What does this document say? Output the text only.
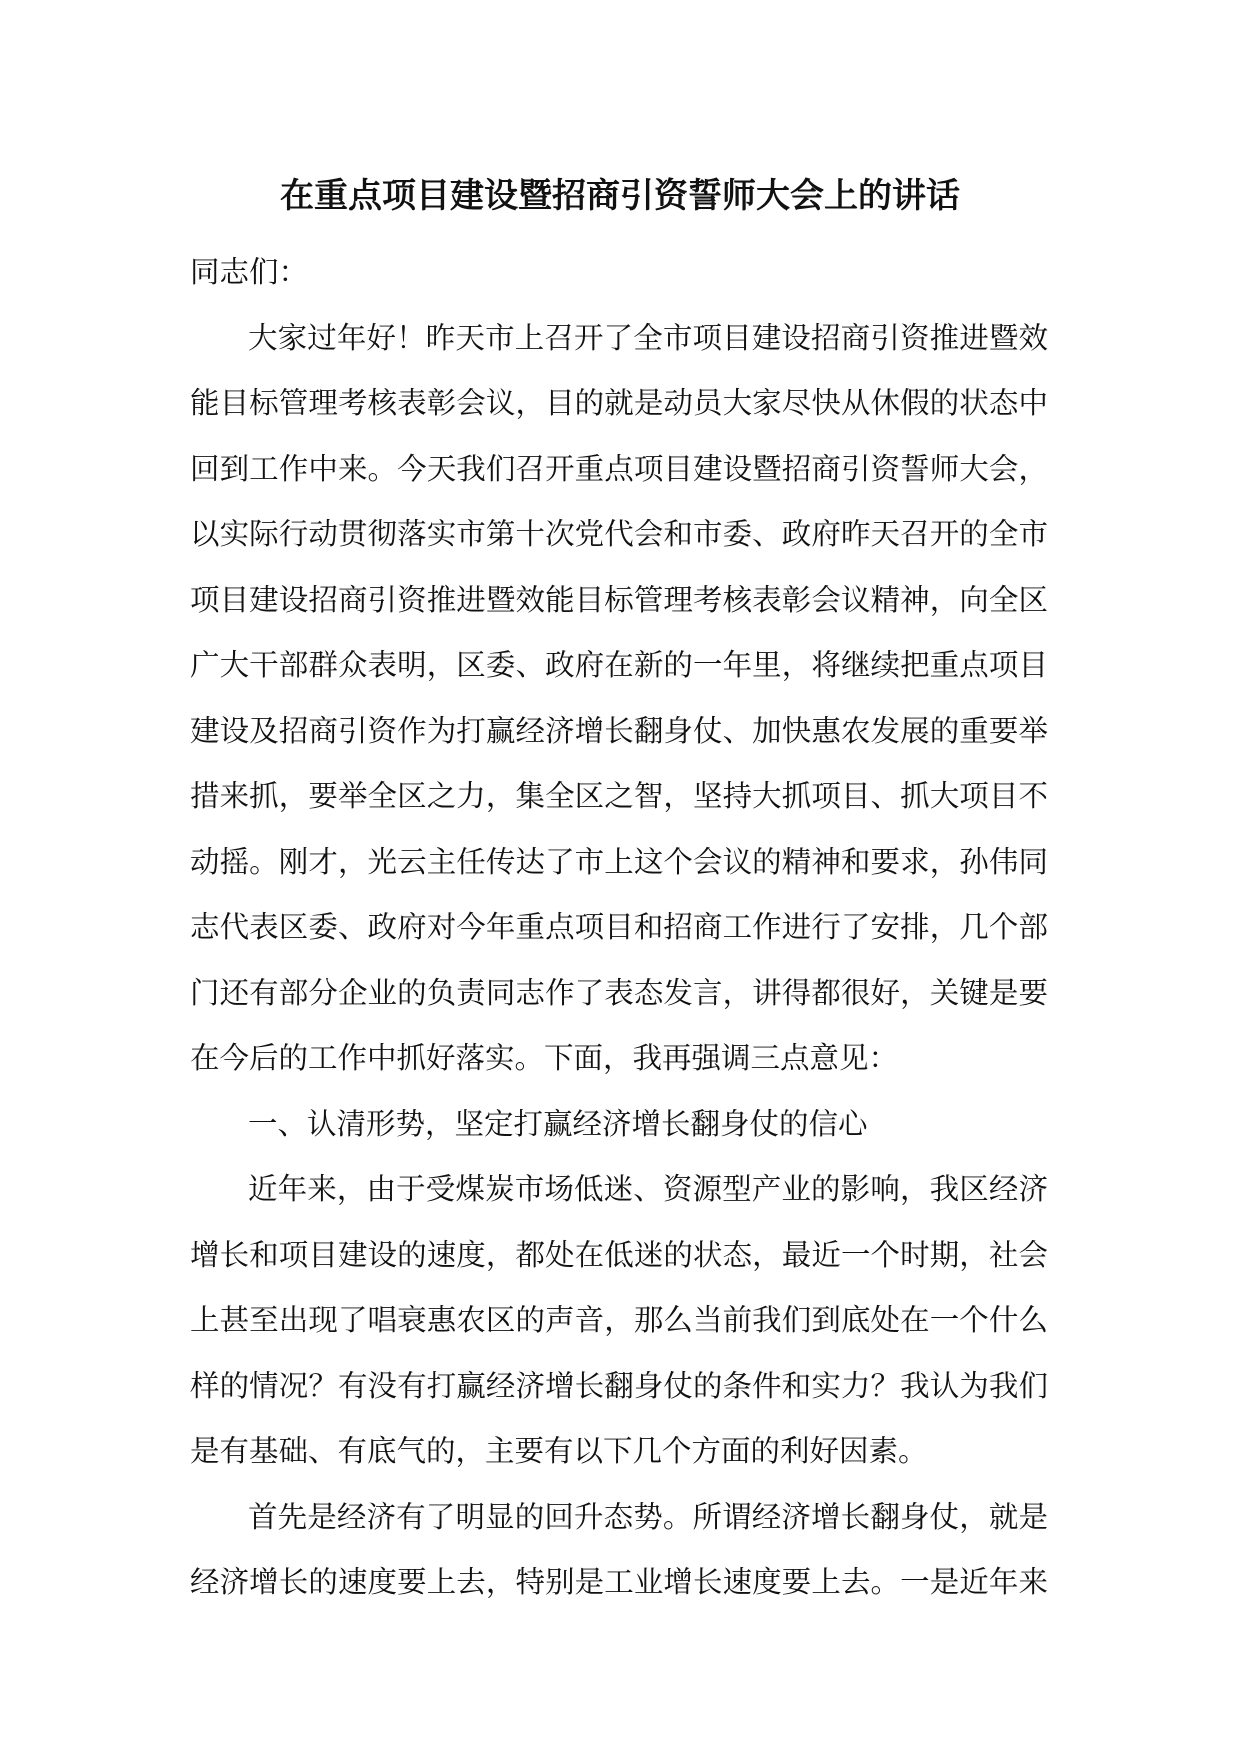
在重点项目建设暨招商引资誓师大会上的讲话
同志们：
大家过年好！昨天市上召开了全市项目建设招商引资推进暨效
能目标管理考核表彰会议，目的就是动员大家尽快从休假的状态中
回到工作中来。今天我们召开重点项目建设暨招商引资誓师大会，
以实际行动贯彻落实市第十次党代会和市委、政府昨天召开的全市
项目建设招商引资推进暨效能目标管理考核表彰会议精神，向全区
广大干部群众表明，区委、政府在新的一年里，将继续把重点项目
建设及招商引资作为打赢经济增长翻身仗、加快惠农发展的重要举
措来抓，要举全区之力，集全区之智，坚持大抓项目、抓大项目不
动摇。刚才，光云主任传达了市上这个会议的精神和要求，孙伟同
志代表区委、政府对今年重点项目和招商工作进行了安排，几个部
门还有部分企业的负责同志作了表态发言，讲得都很好，关键是要
在今后的工作中抓好落实。下面，我再强调三点意见：
一、认清形势，坚定打赢经济增长翻身仗的信心
近年来，由于受煤炭市场低迷、资源型产业的影响，我区经济
增长和项目建设的速度，都处在低迷的状态，最近一个时期，社会
上甚至出现了唱衰惠农区的声音，那么当前我们到底处在一个什么
样的情况？有没有打赢经济增长翻身仗的条件和实力？我认为我们
是有基础、有底气的，主要有以下几个方面的利好因素。
首先是经济有了明显的回升态势。所谓经济增长翻身仗，就是
经济增长的速度要上去，特别是工业增长速度要上去。一是近年来
